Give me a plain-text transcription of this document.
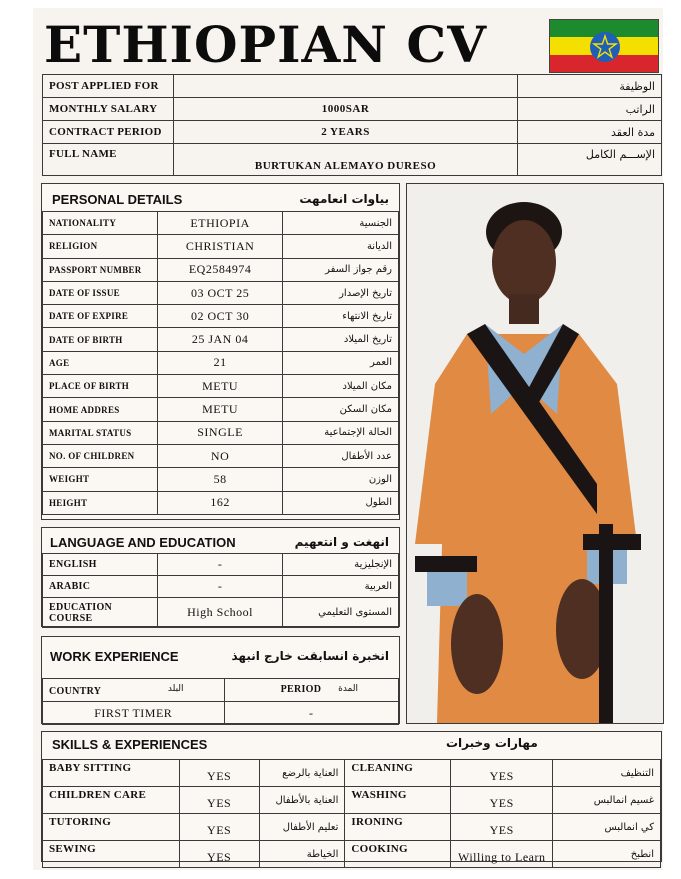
ETHIOPIAN CV
POST APPLIED FOR		الوظيفة
MONTHLY SALARY	1000SAR	الراتب
CONTRACT PERIOD	2 YEARS	مدة العقد
FULL NAME	BURTUKAN ALEMAYO DURESO	الإســـم الكامل
PERSONAL DETAILS	بياوات انعامهت
NATIONALITY	ETHIOPIA	الجنسية
RELIGION	CHRISTIAN	الديانة
PASSPORT NUMBER	EQ2584974	رقم جواز السفر
DATE OF ISSUE	03 OCT 25	تاريخ الإصدار
DATE OF EXPIRE	02 OCT 30	تاريخ الانتهاء
DATE OF BIRTH	25 JAN 04	تاريخ الميلاد
AGE	21	العمر
PLACE OF BIRTH	METU	مكان الميلاد
HOME ADDRES	METU	مكان السكن
MARITAL STATUS	SINGLE	الحالة الإجتماعية
NO. OF CHILDREN	NO	عدد الأطفال
WEIGHT	58	الوزن
HEIGHT	162	الطول
LANGUAGE AND EDUCATION	انهغت و انتعهيم
ENGLISH	-	الإنجليزية
ARABIC	-	العربية
EDUCATION COURSE	High School	المستوى التعليمي
WORK EXPERIENCE	انخبرة انسابقت خارج انبهذ
COUNTRY البلد	PERIOD المدة

FIRST TIMER	-
SKILLS & EXPERIENCES	مهارات وخبرات
BABY SITTING	YES	العناية بالرضع	CLEANING	YES	التنظيف
CHILDREN CARE	YES	العناية بالأطفال	WASHING	YES	غسيم انمالبس
TUTORING	YES	تعليم الأطفال	IRONING	YES	كي انمالبس
SEWING	YES	الخياطة	COOKING	Willing to Learn	انطبخ
